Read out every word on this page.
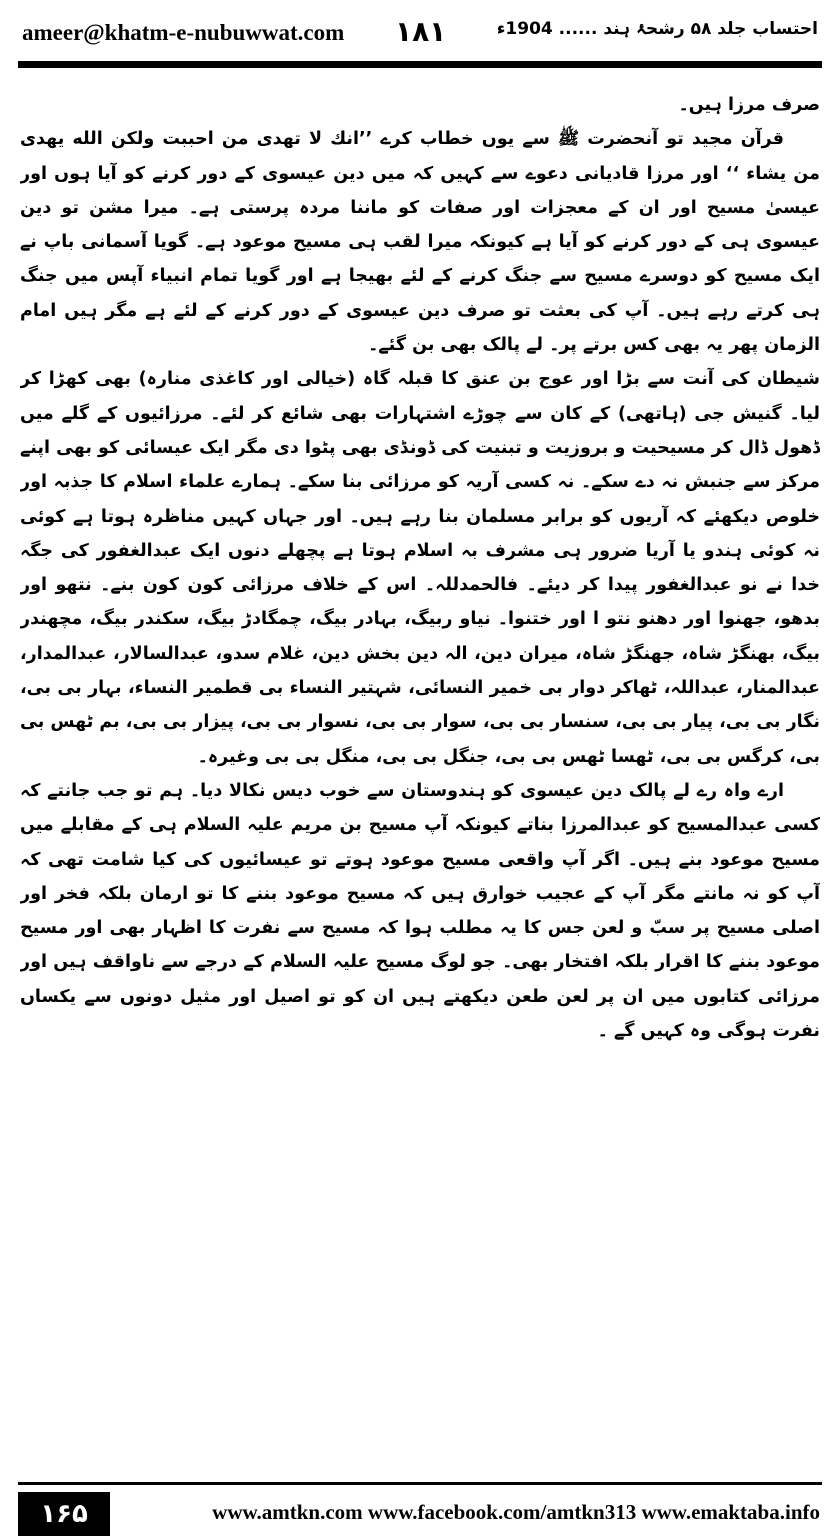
ameer@khatm-e-nubuwwat.com ۱۸۱	احتساب جلد ۵۸ رشحۂ ہند ...... 1904ء

صرف مرزا ہیں۔

قرآن مجید تو آنحضرت ﷺ سے یوں خطاب کرے ’’انك لا تهدى من احببت ولكن الله يهدى من يشاء ‘‘ اور مرزا قادیانی دعوے سے کہیں کہ میں دین عیسوی کے دور کرنے کو آیا ہوں اور عیسیٰ مسیح اور ان کے معجزات اور صفات کو ماننا مردہ پرستی ہے۔ میرا مشن تو دین عیسوی ہی کے دور کرنے کو آیا ہے کیونکہ میرا لقب ہی مسیح موعود ہے۔ گویا آسمانی باپ نے ایک مسیح کو دوسرے مسیح سے جنگ کرنے کے لئے بھیجا ہے اور گویا تمام انبیاء آپس میں جنگ ہی کرتے رہے ہیں۔ آپ کی بعثت تو صرف دین عیسوی کے دور کرنے کے لئے ہے مگر ہیں امام الزمان پھر یہ بھی کس برتے پر۔ لے پالک بھی بن گئے۔

شیطان کی آنت سے بڑا اور عوج بن عنق کا قبلہ گاہ (خیالی اور کاغذی منارہ) بھی کھڑا کر لیا۔ گنیش جی (ہاتھی) کے کان سے چوڑے اشتہارات بھی شائع کر لئے۔ مرزائیوں کے گلے میں ڈھول ڈال کر مسیحیت و بروزیت و تبنیت کی ڈونڈی بھی پٹوا دی مگر ایک عیسائی کو بھی اپنے مرکز سے جنبش نہ دے سکے۔ نہ کسی آریہ کو مرزائی بنا سکے۔ ہمارے علماء اسلام کا جذبہ اور خلوص دیکھئے کہ آریوں کو برابر مسلمان بنا رہے ہیں۔ اور جہاں کہیں مناظرہ ہوتا ہے کوئی نہ کوئی ہندو یا آریا ضرور ہی مشرف بہ اسلام ہوتا ہے پچھلے دنوں ایک عبدالغفور کی جگہ خدا نے نو عبدالغفور پیدا کر دیئے۔ فالحمدللہ۔ اس کے خلاف مرزائی کون کون بنے۔ نتھو اور بدھو، جھنوا اور دھنو نتو ا اور ختنوا۔ نیاو ربیگ، بہادر بیگ، چمگادڑ بیگ، سکندر بیگ، مچھندر بیگ، بھنگڑ شاہ، جھنگڑ شاہ، میران دین، الہ دین بخش دین، غلام سدو، عبدالسالار، عبدالمدار، عبدالمنار، عبداللہ، ٹھاکر دوار بی خمیر النسائی، شہتیر النساء بی قطمیر النساء، بہار بی بی، نگار بی بی، پیار بی بی، سنسار بی بی، سوار بی بی، نسوار بی بی، پیزار بی بی، بم ٹھس بی بی، کرگس بی بی، ٹھسا ٹھس بی بی، جنگل بی بی، منگل بی بی وغیرہ۔

ارے واہ رے لے پالک دین عیسوی کو ہندوستان سے خوب دیس نکالا دیا۔ ہم تو جب جانتے کہ کسی عبدالمسیح کو عبدالمرزا بناتے کیونکہ آپ مسیح بن مریم علیہ السلام ہی کے مقابلے میں مسیح موعود بنے ہیں۔ اگر آپ واقعی مسیح موعود ہوتے تو عیسائیوں کی کیا شامت تھی کہ آپ کو نہ مانتے مگر آپ کے عجیب خوارق ہیں کہ مسیح موعود بننے کا تو ارمان بلکہ فخر اور اصلی مسیح پر سبّ و لعن جس کا یہ مطلب ہوا کہ مسیح سے نفرت کا اظہار بھی اور مسیح موعود بننے کا اقرار بلکہ افتخار بھی۔ جو لوگ مسیح علیہ السلام کے درجے سے ناواقف ہیں اور مرزائی کتابوں میں ان پر لعن طعن دیکھتے ہیں ان کو تو اصیل اور مثیل دونوں سے یکساں نفرت ہوگی وہ کہیں گے ۔

۱۶۵	www.amtkn.com www.facebook.com/amtkn313 www.emaktaba.info
